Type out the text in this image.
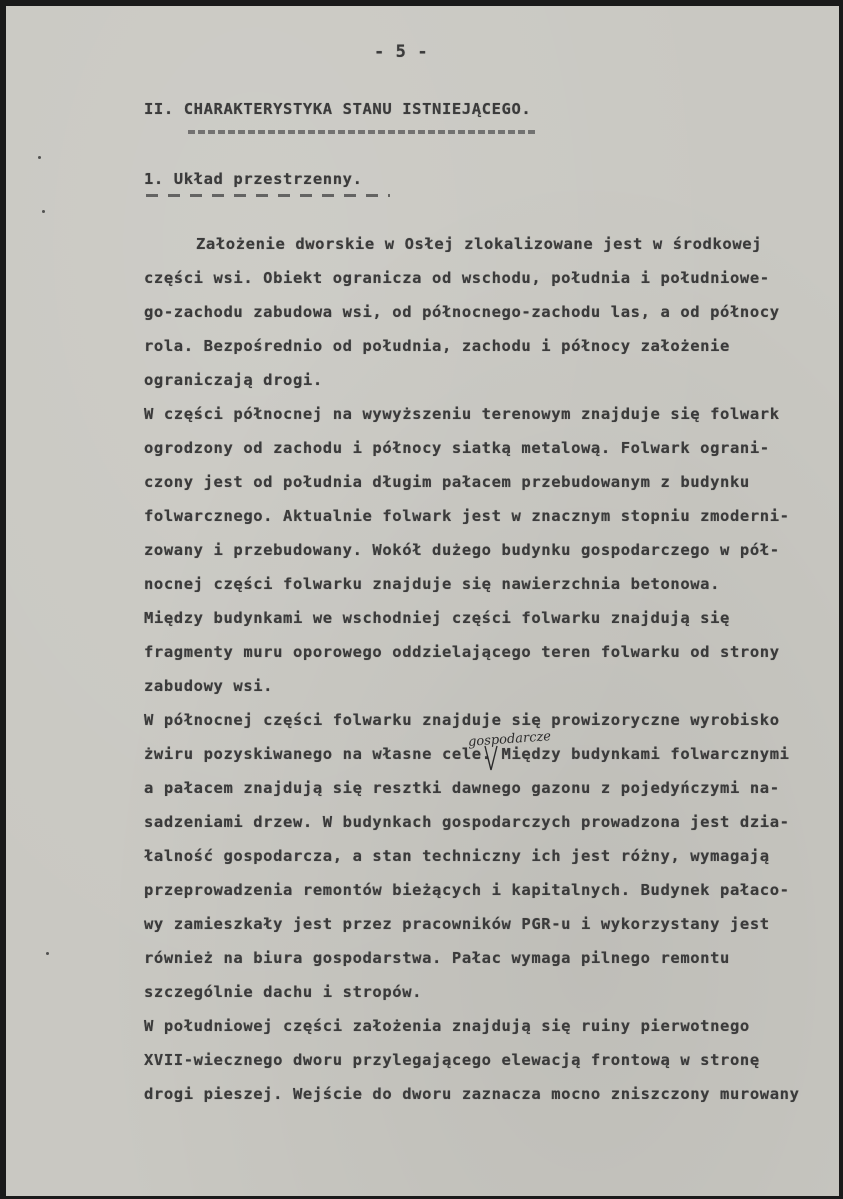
- 5 -
II. CHARAKTERYSTYKA STANU ISTNIEJĄCEGO.
1. Układ przestrzenny.
Założenie dworskie w Osłej zlokalizowane jest w środkowej
części wsi. Obiekt ogranicza od wschodu, południa i południowe-
go-zachodu zabudowa wsi, od północnego-zachodu las, a od północy
rola. Bezpośrednio od południa, zachodu i północy założenie
ograniczają drogi.
W części północnej na wywyższeniu terenowym znajduje się folwark
ogrodzony od zachodu i północy siatką metalową. Folwark ograni-
czony jest od południa długim pałacem przebudowanym z budynku
folwarcznego. Aktualnie folwark jest w znacznym stopniu zmoderni-
zowany i przebudowany. Wokół dużego budynku gospodarczego w pół-
nocnej części folwarku znajduje się nawierzchnia betonowa.
Między budynkami we wschodniej części folwarku znajdują się
fragmenty muru oporowego oddzielającego teren folwarku od strony
zabudowy wsi.
W północnej części folwarku znajduje się prowizoryczne wyrobisko
żwiru pozyskiwanego na własne cele. Między budynkami folwarcznymi
a pałacem znajdują się resztki dawnego gazonu z pojedyńczymi na-
sadzeniami drzew. W budynkach gospodarczych prowadzona jest dzia-
łalność gospodarcza, a stan techniczny ich jest różny, wymagają
przeprowadzenia remontów bieżących i kapitalnych. Budynek pałaco-
wy zamieszkały jest przez pracowników PGR-u i wykorzystany jest
również na biura gospodarstwa. Pałac wymaga pilnego remontu
szczególnie dachu i stropów.
W południowej części założenia znajdują się ruiny pierwotnego
XVII-wiecznego dworu przylegającego elewacją frontową w stronę
drogi pieszej. Wejście do dworu zaznacza mocno zniszczony murowany
gospodarcze
